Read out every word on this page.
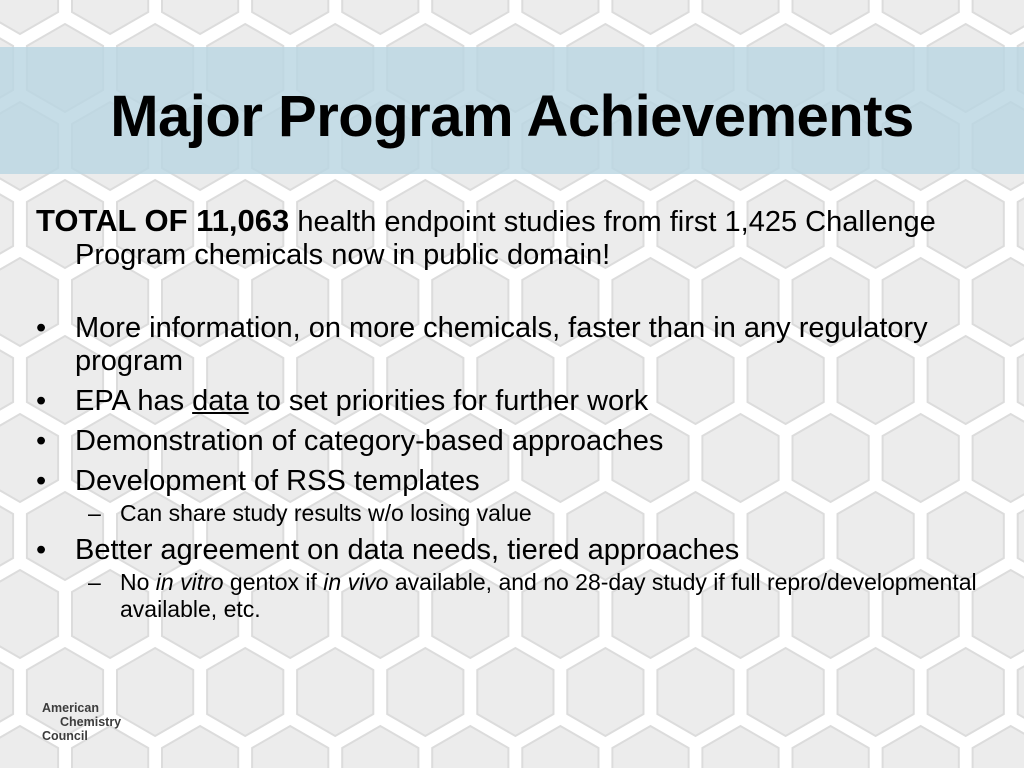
Major Program Achievements

TOTAL OF 11,063 health endpoint studies from first 1,425 Challenge Program chemicals now in public domain!

• More information, on more chemicals, faster than in any regulatory program
• EPA has data to set priorities for further work
• Demonstration of category-based approaches
• Development of RSS templates
– Can share study results w/o losing value
• Better agreement on data needs, tiered approaches
– No in vitro gentox if in vivo available, and no 28-day study if full repro/developmental available, etc.
American
Chemistry
Council
